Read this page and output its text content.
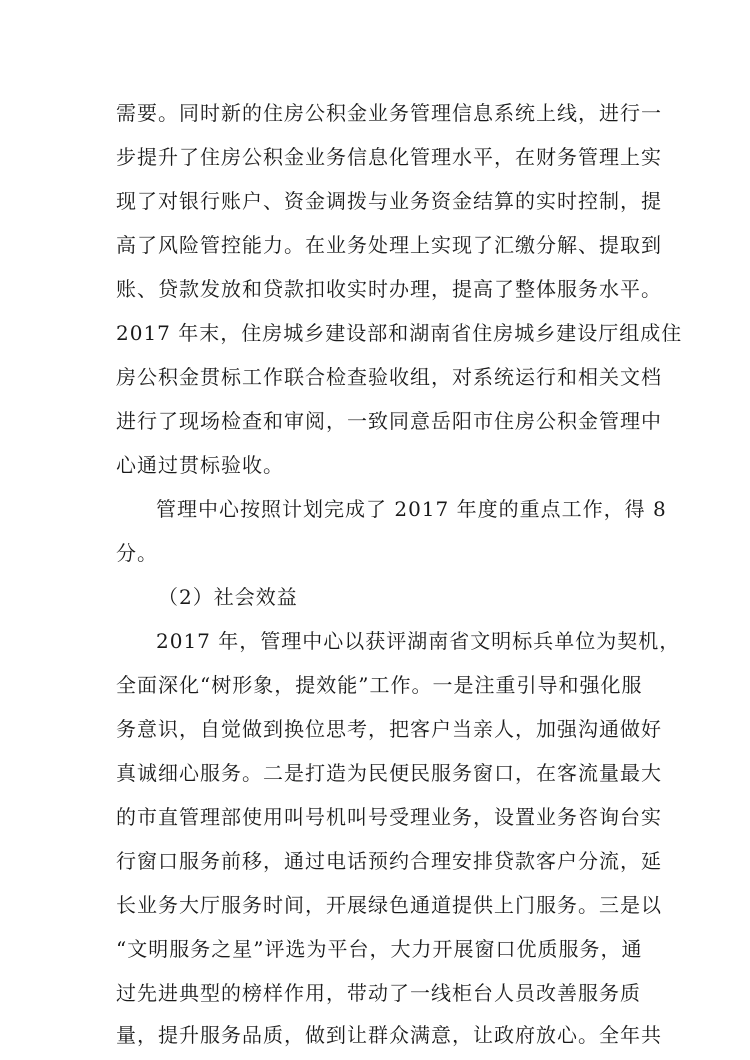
需要。同时新的住房公积金业务管理信息系统上线，进行一
步提升了住房公积金业务信息化管理水平，在财务管理上实
现了对银行账户、资金调拨与业务资金结算的实时控制，提
高了风险管控能力。在业务处理上实现了汇缴分解、提取到
账、贷款发放和贷款扣收实时办理，提高了整体服务水平。
2017 年末，住房城乡建设部和湖南省住房城乡建设厅组成住
房公积金贯标工作联合检查验收组，对系统运行和相关文档
进行了现场检查和审阅，一致同意岳阳市住房公积金管理中
心通过贯标验收。
管理中心按照计划完成了 2017 年度的重点工作，得 8
分。
（2）社会效益
2017 年，管理中心以获评湖南省文明标兵单位为契机，
全面深化“树形象，提效能”工作。一是注重引导和强化服
务意识，自觉做到换位思考，把客户当亲人，加强沟通做好
真诚细心服务。二是打造为民便民服务窗口，在客流量最大
的市直管理部使用叫号机叫号受理业务，设置业务咨询台实
行窗口服务前移，通过电话预约合理安排贷款客户分流，延
长业务大厅服务时间，开展绿色通道提供上门服务。三是以
“文明服务之星”评选为平台，大力开展窗口优质服务，通
过先进典型的榜样作用，带动了一线柜台人员改善服务质
量，提升服务品质，做到让群众满意，让政府放心。全年共
